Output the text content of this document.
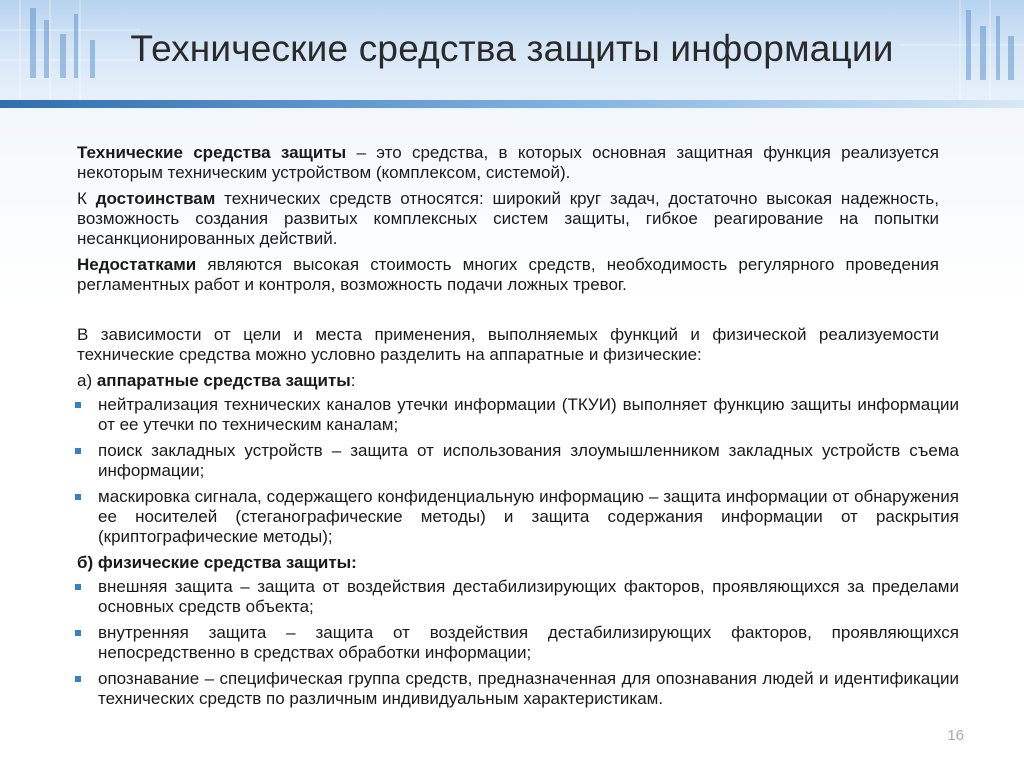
Технические средства защиты информации

Технические средства защиты – это средства, в которых основная защитная функция реализуется некоторым техническим устройством (комплексом, системой).

К достоинствам технических средств относятся: широкий круг задач, достаточно высокая надежность, возможность создания развитых комплексных систем защиты, гибкое реагирование на попытки несанкционированных действий.

Недостатками являются высокая стоимость многих средств, необходимость регулярного проведения регламентных работ и контроля, возможность подачи ложных тревог.

В зависимости от цели и места применения, выполняемых функций и физической реализуемости технические средства можно условно разделить на аппаратные и физические:

а) аппаратные средства защиты:

нейтрализация технических каналов утечки информации (ТКУИ) выполняет функцию защиты информации от ее утечки по техническим каналам;
поиск закладных устройств – защита от использования злоумышленником закладных устройств съема информации;
маскировка сигнала, содержащего конфиденциальную информацию – защита информации от обнаружения ее носителей (стеганографические методы) и защита содержания информации от раскрытия (криптографические методы);

б) физические средства защиты:

внешняя защита – защита от воздействия дестабилизирующих факторов, проявляющихся за пределами основных средств объекта;
внутренняя защита – защита от воздействия дестабилизирующих факторов, проявляющихся непосредственно в средствах обработки информации;
опознавание – специфическая группа средств, предназначенная для опознавания людей и идентификации технических средств по различным индивидуальным характеристикам.
16
